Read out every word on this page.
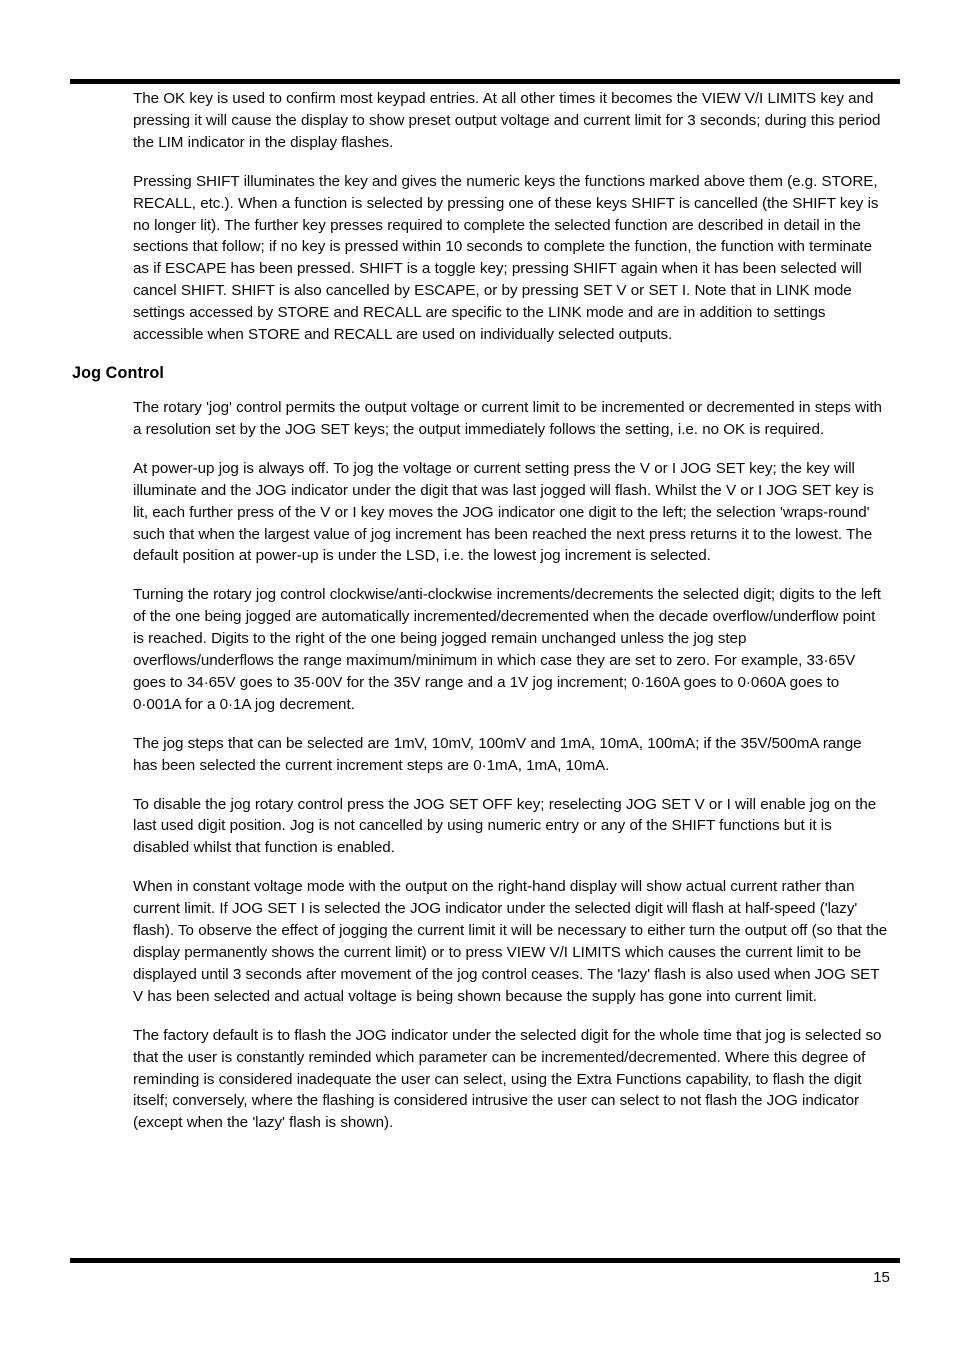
The OK key is used to confirm most keypad entries. At all other times it becomes the VIEW V/I LIMITS key and pressing it will cause the display to show preset output voltage and current limit for 3 seconds; during this period the LIM indicator in the display flashes.

Pressing SHIFT illuminates the key and gives the numeric keys the functions marked above them (e.g. STORE, RECALL, etc.). When a function is selected by pressing one of these keys SHIFT is cancelled (the SHIFT key is no longer lit). The further key presses required to complete the selected function are described in detail in the sections that follow; if no key is pressed within 10 seconds to complete the function, the function with terminate as if ESCAPE has been pressed. SHIFT is a toggle key; pressing SHIFT again when it has been selected will cancel SHIFT. SHIFT is also cancelled by ESCAPE, or by pressing SET V or SET I. Note that in LINK mode settings accessed by STORE and RECALL are specific to the LINK mode and are in addition to settings accessible when STORE and RECALL are used on individually selected outputs.

Jog Control

The rotary 'jog' control permits the output voltage or current limit to be incremented or decremented in steps with a resolution set by the JOG SET keys; the output immediately follows the setting, i.e. no OK is required.

At power-up jog is always off. To jog the voltage or current setting press the V or I JOG SET key; the key will illuminate and the JOG indicator under the digit that was last jogged will flash. Whilst the V or I JOG SET key is lit, each further press of the V or I key moves the JOG indicator one digit to the left; the selection 'wraps-round' such that when the largest value of jog increment has been reached the next press returns it to the lowest. The default position at power-up is under the LSD, i.e. the lowest jog increment is selected.

Turning the rotary jog control clockwise/anti-clockwise increments/decrements the selected digit; digits to the left of the one being jogged are automatically incremented/decremented when the decade overflow/underflow point is reached. Digits to the right of the one being jogged remain unchanged unless the jog step overflows/underflows the range maximum/minimum in which case they are set to zero. For example, 33·65V goes to 34·65V goes to 35·00V for the 35V range and a 1V jog increment; 0·160A goes to 0·060A goes to 0·001A for a 0·1A jog decrement.

The jog steps that can be selected are 1mV, 10mV, 100mV and 1mA, 10mA, 100mA; if the 35V/500mA range has been selected the current increment steps are 0·1mA, 1mA, 10mA.

To disable the jog rotary control press the JOG SET OFF key; reselecting JOG SET V or I will enable jog on the last used digit position. Jog is not cancelled by using numeric entry or any of the SHIFT functions but it is disabled whilst that function is enabled.

When in constant voltage mode with the output on the right-hand display will show actual current rather than current limit. If JOG SET I is selected the JOG indicator under the selected digit will flash at half-speed ('lazy' flash). To observe the effect of jogging the current limit it will be necessary to either turn the output off (so that the display permanently shows the current limit) or to press VIEW V/I LIMITS which causes the current limit to be displayed until 3 seconds after movement of the jog control ceases. The 'lazy' flash is also used when JOG SET V has been selected and actual voltage is being shown because the supply has gone into current limit.

The factory default is to flash the JOG indicator under the selected digit for the whole time that jog is selected so that the user is constantly reminded which parameter can be incremented/decremented. Where this degree of reminding is considered inadequate the user can select, using the Extra Functions capability, to flash the digit itself; conversely, where the flashing is considered intrusive the user can select to not flash the JOG indicator (except when the 'lazy' flash is shown).

15
